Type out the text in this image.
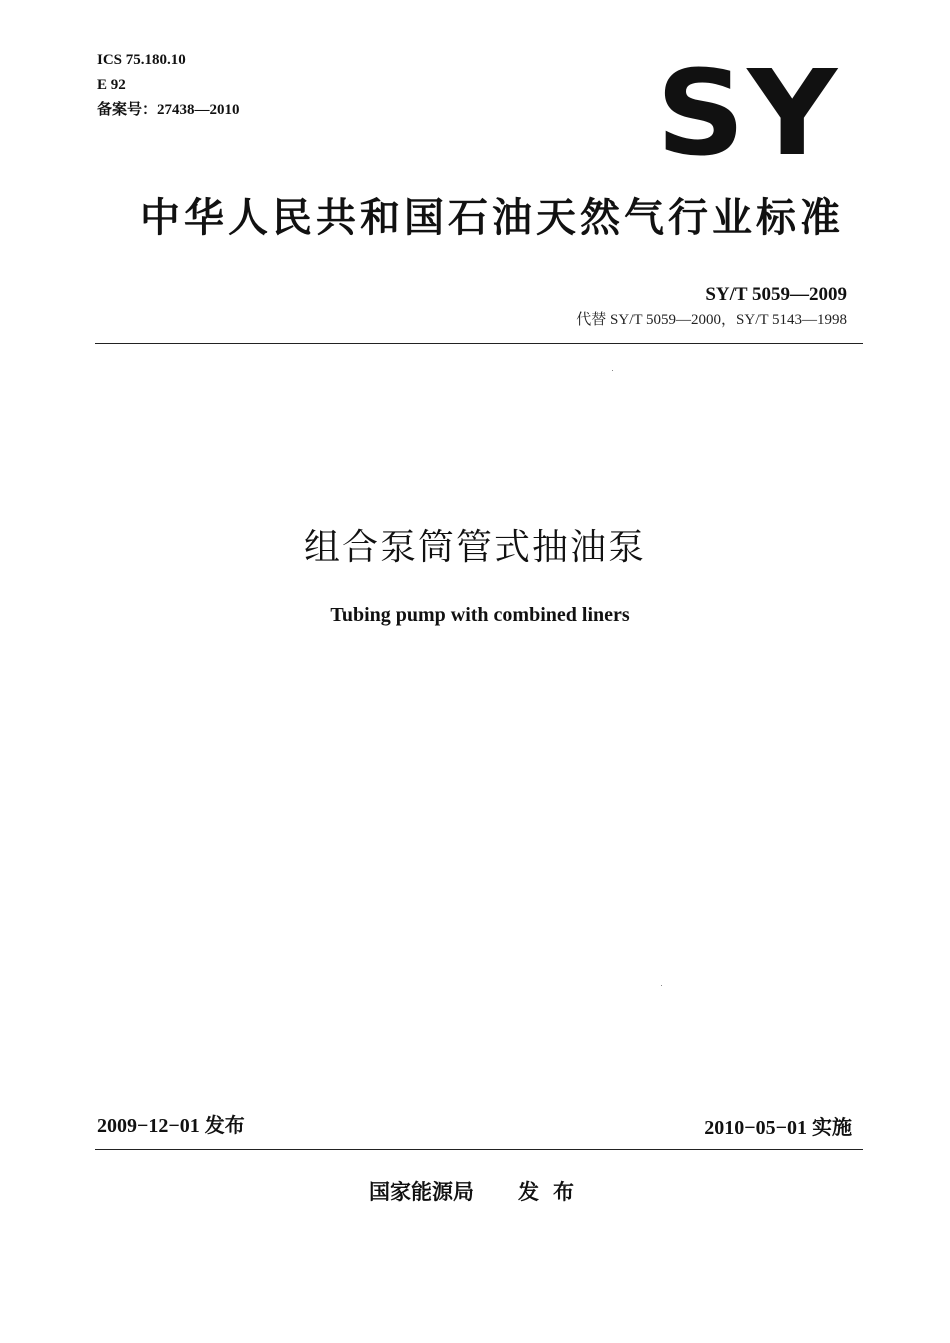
ICS 75.180.10
E 92
备案号：27438—2010	SY
中华人民共和国石油天然气行业标准
SY/T 5059—2009
代替 SY/T 5059—2000，SY/T 5143—1998
组合泵筒管式抽油泵
Tubing pump with combined liners
2009−12−01 发布	2010−05−01 实施
国家能源局 发布
